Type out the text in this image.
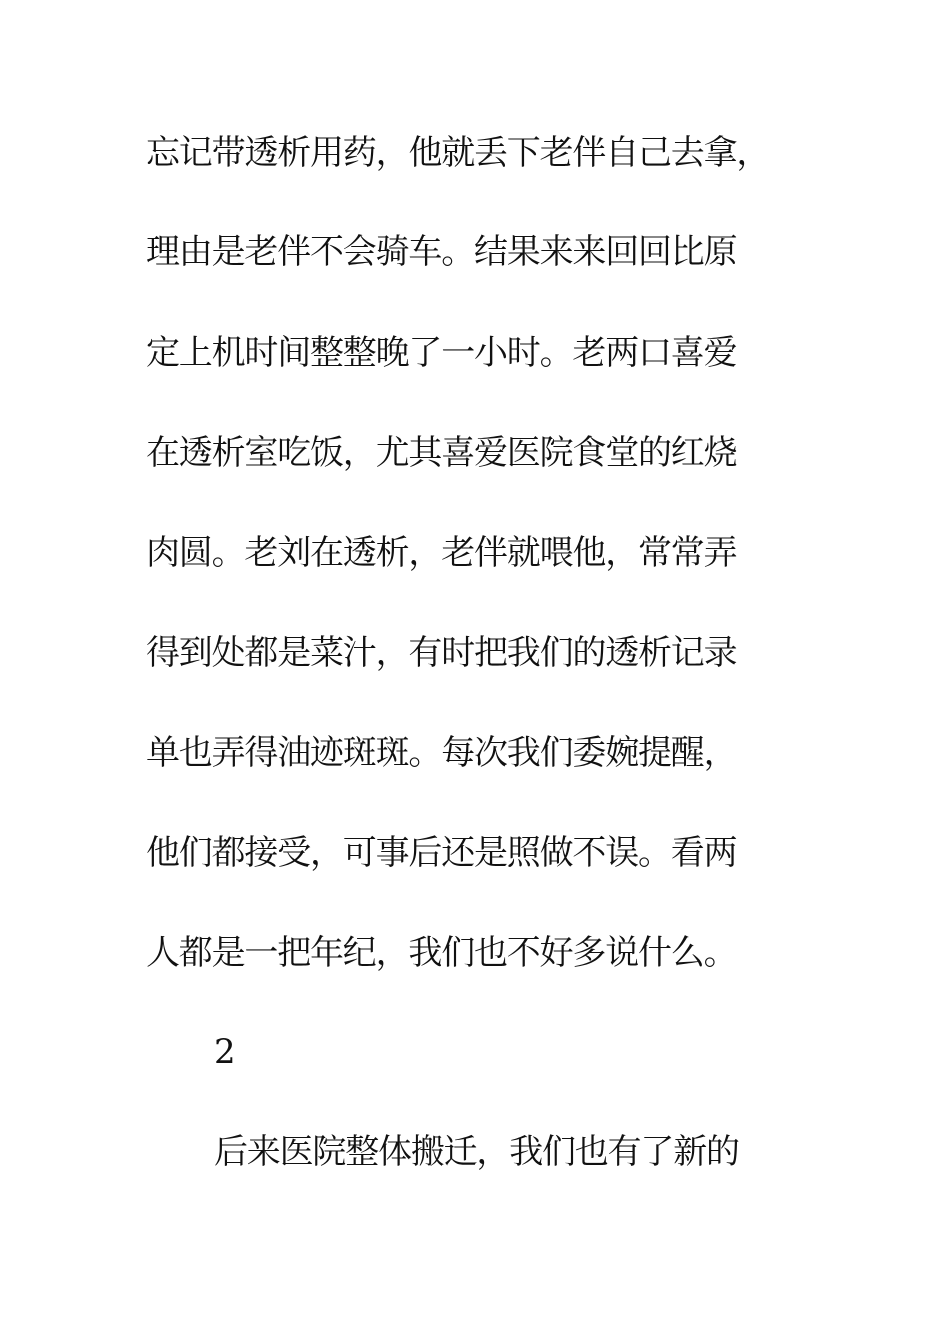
忘记带透析用药，他就丢下老伴自己去拿，
理由是老伴不会骑车。结果来来回回比原
定上机时间整整晚了一小时。老两口喜爱
在透析室吃饭，尤其喜爱医院食堂的红烧
肉圆。老刘在透析，老伴就喂他，常常弄
得到处都是菜汁，有时把我们的透析记录
单也弄得油迹斑斑。每次我们委婉提醒，
他们都接受，可事后还是照做不误。看两
人都是一把年纪，我们也不好多说什么。
2
后来医院整体搬迁，我们也有了新的
